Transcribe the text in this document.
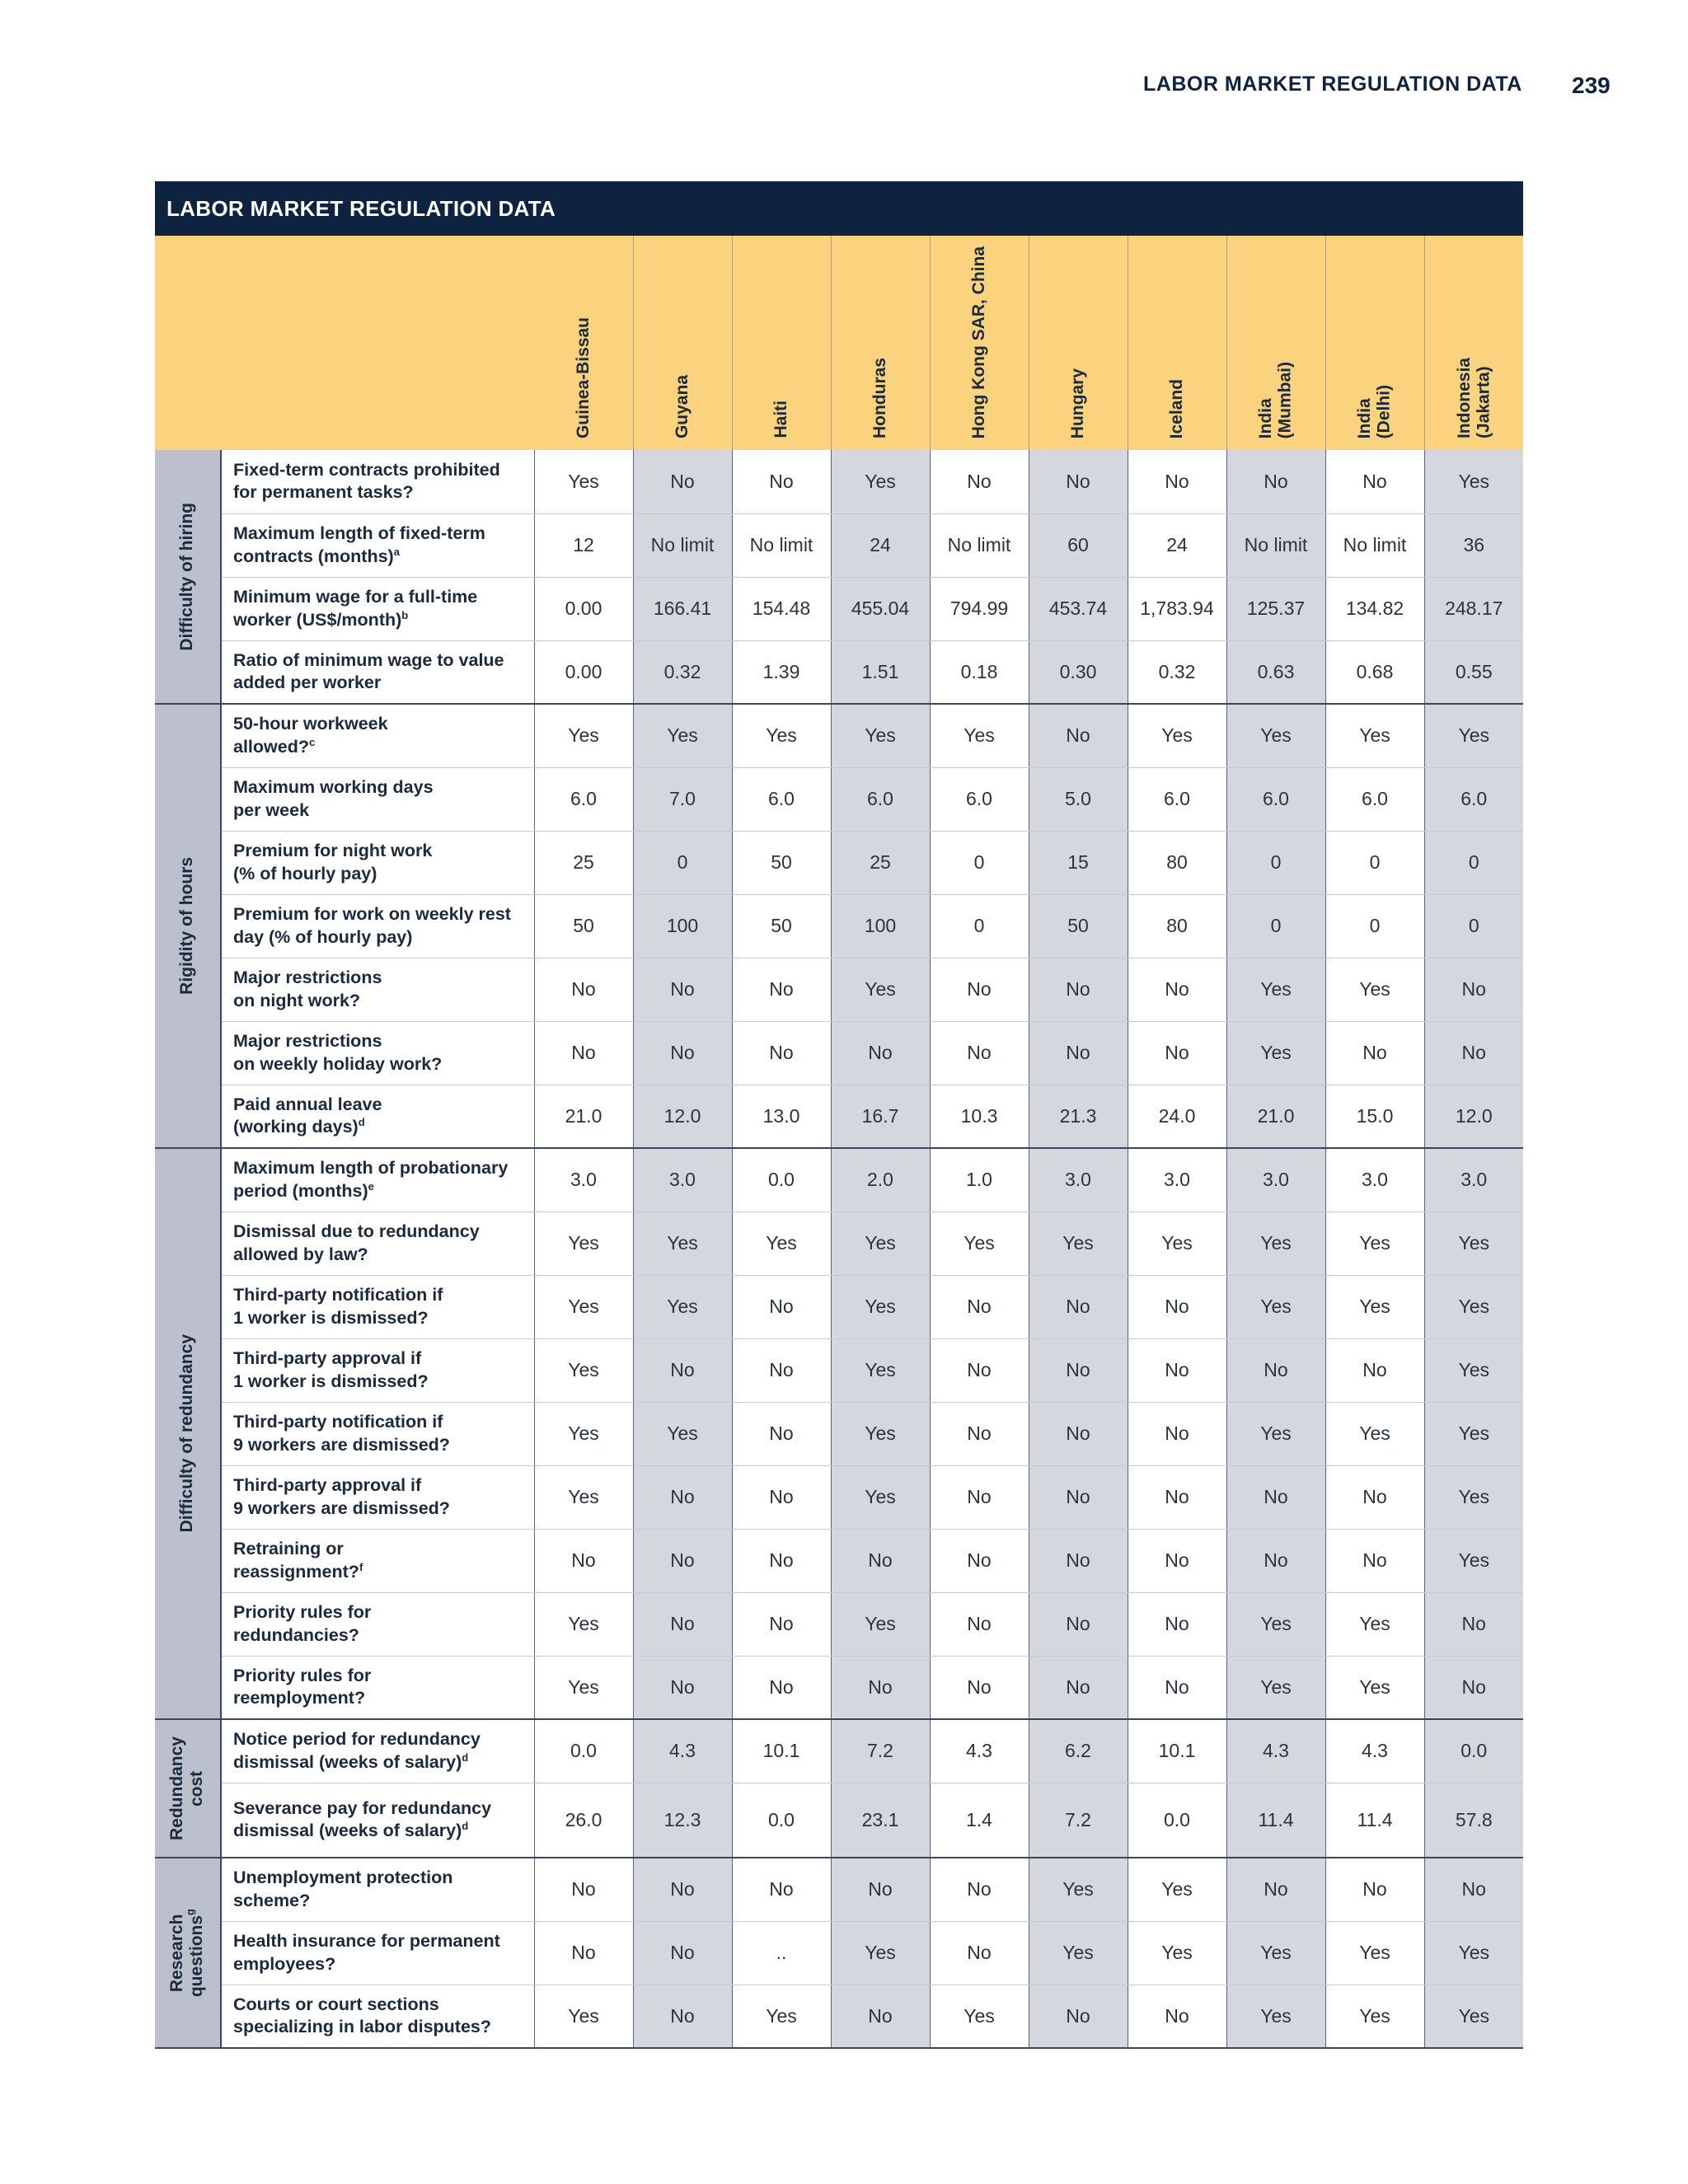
LABOR MARKET REGULATION DATA 239
LABOR MARKET REGULATION DATA

		Guinea-Bissau	Guyana	Haiti	Honduras	Hong Kong SAR, China	Hungary	Iceland	India
(Mumbai)	India
(Delhi)	Indonesia
(Jakarta)

Difficulty of hiring	Fixed-term contracts prohibited
for permanent tasks?	Yes	No	No	Yes	No	No	No	No	No	Yes
	Maximum length of fixed-term
contracts (months)$^a$	12	No limit	No limit	24	No limit	60	24	No limit	No limit	36
	Minimum wage for a full-time
worker (US$/month)$^b$	0.00	166.41	154.48	455.04	794.99	453.74	1,783.94	125.37	134.82	248.17
	Ratio of minimum wage to value
added per worker	0.00	0.32	1.39	1.51	0.18	0.30	0.32	0.63	0.68	0.55

Rigidity of hours	50-hour workweek
allowed?$^c$	Yes	Yes	Yes	Yes	Yes	No	Yes	Yes	Yes	Yes
	Maximum working days
per week	6.0	7.0	6.0	6.0	6.0	5.0	6.0	6.0	6.0	6.0
	Premium for night work
(% of hourly pay)	25	0	50	25	0	15	80	0	0	0
	Premium for work on weekly rest
day (% of hourly pay)	50	100	50	100	0	50	80	0	0	0
	Major restrictions
on night work?	No	No	No	Yes	No	No	No	Yes	Yes	No
	Major restrictions
on weekly holiday work?	No	No	No	No	No	No	No	Yes	No	No
	Paid annual leave
(working days)$^d$	21.0	12.0	13.0	16.7	10.3	21.3	24.0	21.0	15.0	12.0

Difficulty of redundancy	Maximum length of probationary
period (months)$^e$	3.0	3.0	0.0	2.0	1.0	3.0	3.0	3.0	3.0	3.0
	Dismissal due to redundancy
allowed by law?	Yes	Yes	Yes	Yes	Yes	Yes	Yes	Yes	Yes	Yes
	Third-party notification if
1 worker is dismissed?	Yes	Yes	No	Yes	No	No	No	Yes	Yes	Yes
	Third-party approval if
1 worker is dismissed?	Yes	No	No	Yes	No	No	No	No	No	Yes
	Third-party notification if
9 workers are dismissed?	Yes	Yes	No	Yes	No	No	No	Yes	Yes	Yes
	Third-party approval if
9 workers are dismissed?	Yes	No	No	Yes	No	No	No	No	No	Yes
	Retraining or
reassignment?$^f$	No	No	No	No	No	No	No	No	No	Yes
	Priority rules for
redundancies?	Yes	No	No	Yes	No	No	No	Yes	Yes	No
	Priority rules for
reemployment?	Yes	No	No	No	No	No	No	Yes	Yes	No

Redundancy
cost	Notice period for redundancy
dismissal (weeks of salary)$^d$	0.0	4.3	10.1	7.2	4.3	6.2	10.1	4.3	4.3	0.0
	Severance pay for redundancy
dismissal (weeks of salary)$^d$	26.0	12.3	0.0	23.1	1.4	7.2	0.0	11.4	11.4	57.8

Research
questions$^g$	Unemployment protection
scheme?	No	No	No	No	No	Yes	Yes	No	No	No
	Health insurance for permanent
employees?	No	No	..	Yes	No	Yes	Yes	Yes	Yes	Yes
	Courts or court sections
specializing in labor disputes?	Yes	No	Yes	No	Yes	No	No	Yes	Yes	Yes
